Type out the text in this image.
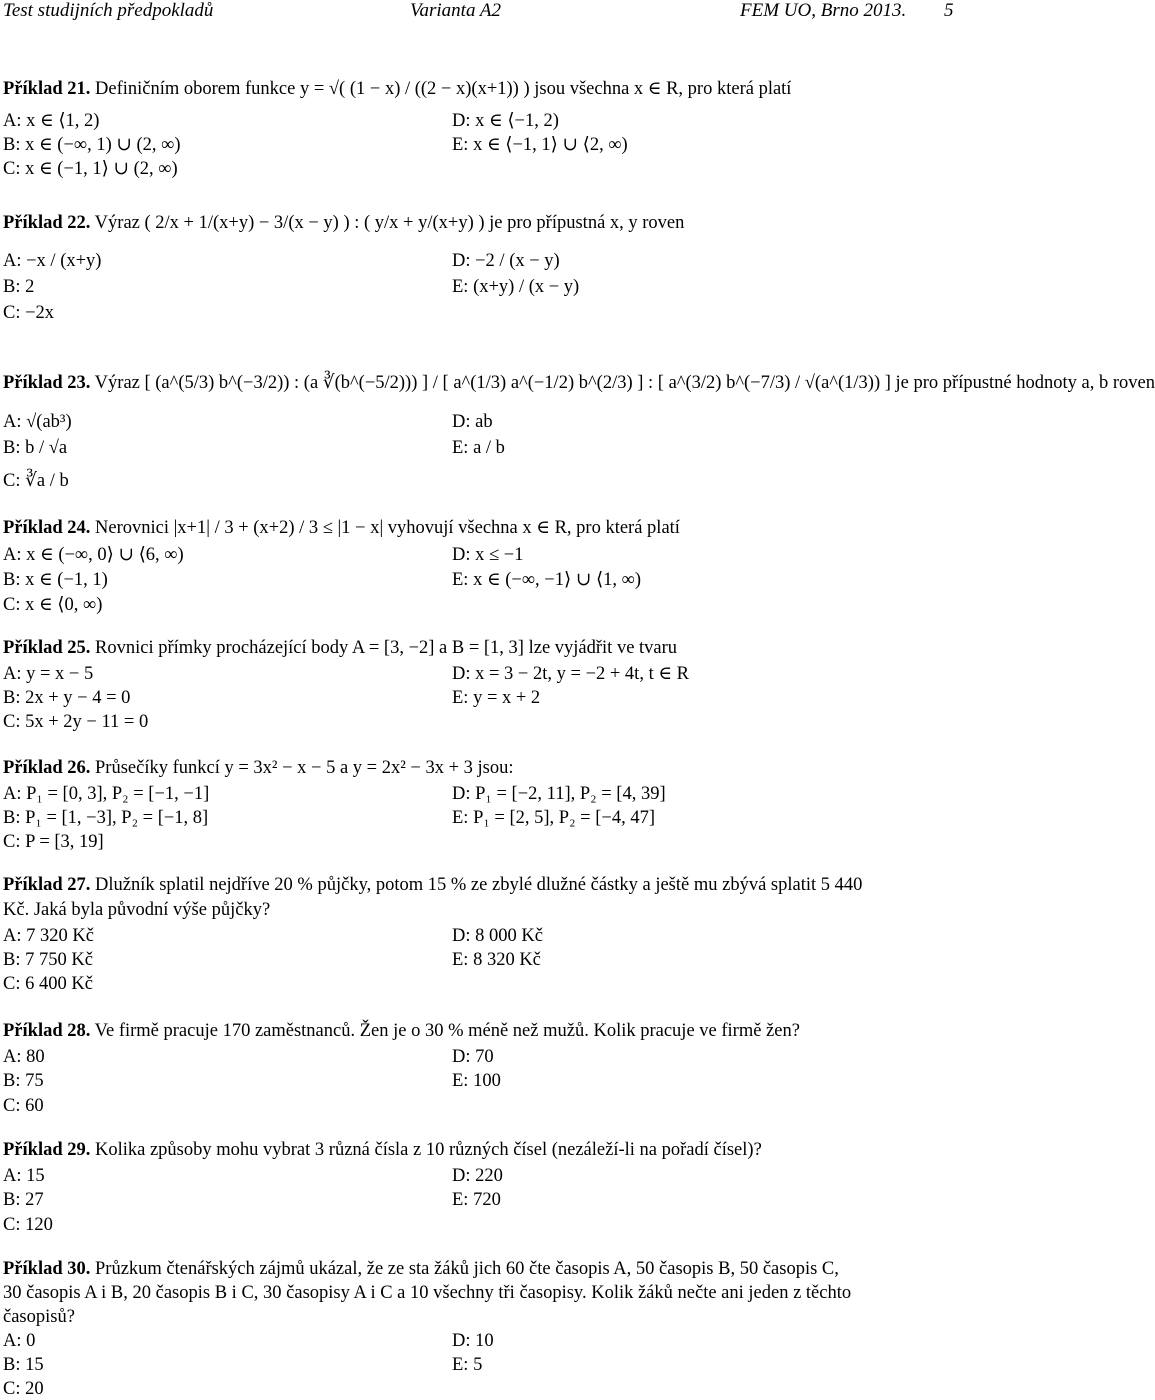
Test studijních předpokladů	Varianta A2	FEM UO, Brno 2013. 5
Příklad 21. Definičním oborem funkce y = √( (1 − x) / ((2 − x)(x+1)) ) jsou všechna x ∈ R, pro která platí
A: x ∈ ⟨1, 2)	D: x ∈ ⟨−1, 2)
B: x ∈ (−∞, 1) ∪ (2, ∞)	E: x ∈ ⟨−1, 1⟩ ∪ ⟨2, ∞)
C: x ∈ (−1, 1⟩ ∪ (2, ∞)
Příklad 22. Výraz ( 2/x + 1/(x+y) − 3/(x − y) ) : ( y/x + y/(x+y) ) je pro přípustná x, y roven
A: −x / (x+y)	D: −2 / (x − y)
B: 2	E: (x+y) / (x − y)
C: −2x
Příklad 23. Výraz [ (a^(5/3) b^(−3/2)) : (a ∛(b^(−5/2))) ] / [ a^(1/3) a^(−1/2) b^(2/3) ] : [ a^(3/2) b^(−7/3) / √(a^(1/3)) ] je pro přípustné hodnoty a, b roven
A: √(ab³)	D: ab
B: b / √a	E: a / b
C: ∛a / b
Příklad 24. Nerovnici |x+1| / 3 + (x+2) / 3 ≤ |1 − x| vyhovují všechna x ∈ R, pro která platí
A: x ∈ (−∞, 0⟩ ∪ ⟨6, ∞)	D: x ≤ −1
B: x ∈ (−1, 1)	E: x ∈ (−∞, −1⟩ ∪ ⟨1, ∞)
C: x ∈ ⟨0, ∞)
Příklad 25. Rovnici přímky procházející body A = [3, −2] a B = [1, 3] lze vyjádřit ve tvaru
A: y = x − 5	D: x = 3 − 2t, y = −2 + 4t, t ∈ R
B: 2x + y − 4 = 0	E: y = x + 2
C: 5x + 2y − 11 = 0
Příklad 26. Průsečíky funkcí y = 3x² − x − 5 a y = 2x² − 3x + 3 jsou:
A: P₁ = [0, 3], P₂ = [−1, −1]	D: P₁ = [−2, 11], P₂ = [4, 39]
B: P₁ = [1, −3], P₂ = [−1, 8]	E: P₁ = [2, 5], P₂ = [−4, 47]
C: P = [3, 19]
Příklad 27. Dlužník splatil nejdříve 20 % půjčky, potom 15 % ze zbylé dlužné částky a ještě mu zbývá splatit 5 440
Kč. Jaká byla původní výše půjčky?
A: 7 320 Kč	D: 8 000 Kč
B: 7 750 Kč	E: 8 320 Kč
C: 6 400 Kč
Příklad 28. Ve firmě pracuje 170 zaměstnanců. Žen je o 30 % méně než mužů. Kolik pracuje ve firmě žen?
A: 80	D: 70
B: 75	E: 100
C: 60
Příklad 29. Kolika způsoby mohu vybrat 3 různá čísla z 10 různých čísel (nezáleží-li na pořadí čísel)?
A: 15	D: 220
B: 27	E: 720
C: 120
Příklad 30. Průzkum čtenářských zájmů ukázal, že ze sta žáků jich 60 čte časopis A, 50 časopis B, 50 časopis C,
30 časopis A i B, 20 časopis B i C, 30 časopisy A i C a 10 všechny tři časopisy. Kolik žáků nečte ani jeden z těchto
časopisů?
A: 0	D: 10
B: 15	E: 5
C: 20
